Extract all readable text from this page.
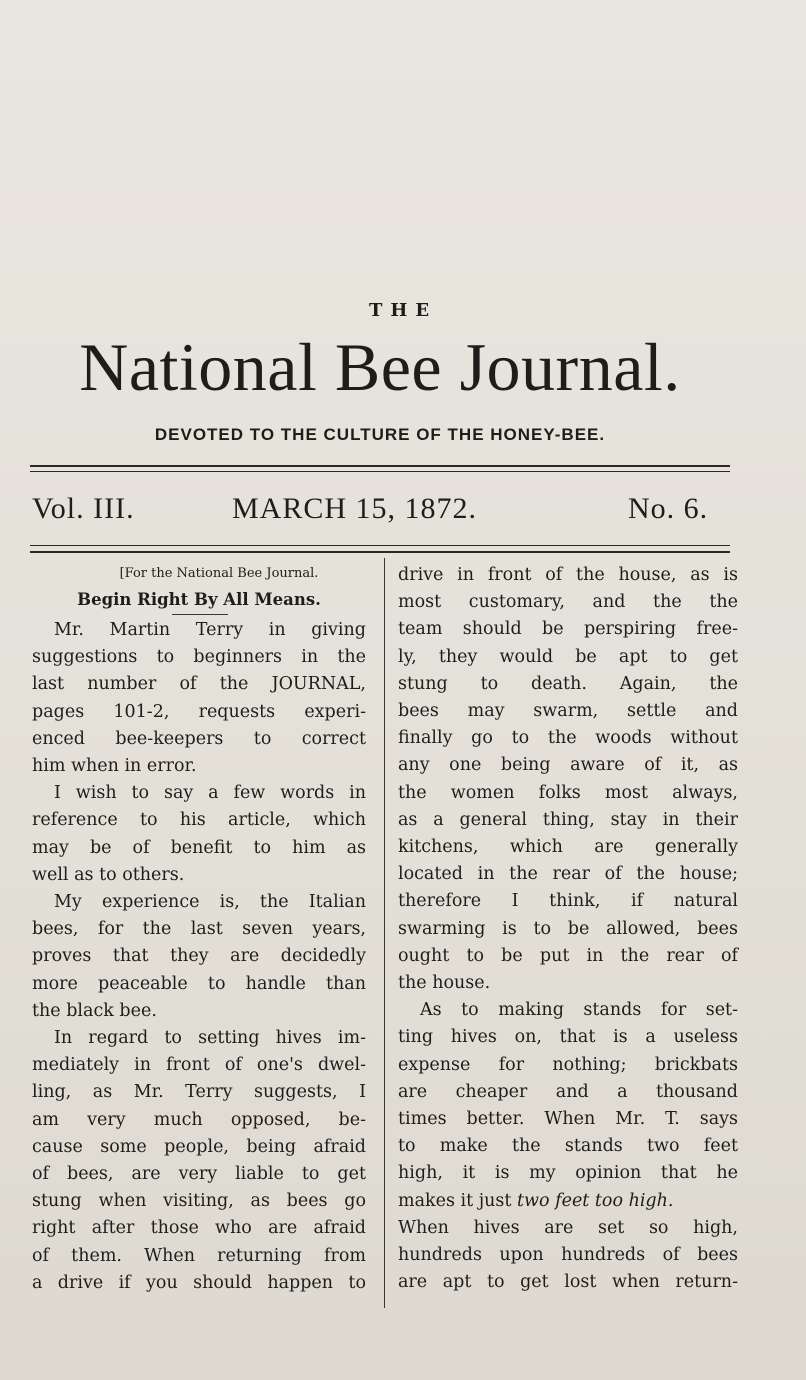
THE
National Bee Journal.
DEVOTED TO THE CULTURE OF THE HONEY-BEE.
Vol. III.	MARCH 15, 1872.	No. 6.
[For the National Bee Journal.
Begin Right By All Means.
Mr. Martin Terry in giving
suggestions to beginners in the
last number of the JOURNAL,
pages 101-2, requests experi-
enced bee-keepers to correct
him when in error.
I wish to say a few words in
reference to his article, which
may be of benefit to him as
well as to others.
My experience is, the Italian
bees, for the last seven years,
proves that they are decidedly
more peaceable to handle than
the black bee.
In regard to setting hives im-
mediately in front of one's dwel-
ling, as Mr. Terry suggests, I
am very much opposed, be-
cause some people, being afraid
of bees, are very liable to get
stung when visiting, as bees go
right after those who are afraid
of them. When returning from
a drive if you should happen to
drive in front of the house, as is
most customary, and the the
team should be perspiring free-
ly, they would be apt to get
stung to death. Again, the
bees may swarm, settle and
finally go to the woods without
any one being aware of it, as
the women folks most always,
as a general thing, stay in their
kitchens, which are generally
located in the rear of the house;
therefore I think, if natural
swarming is to be allowed, bees
ought to be put in the rear of
the house.
As to making stands for set-
ting hives on, that is a useless
expense for nothing; brickbats
are cheaper and a thousand
times better. When Mr. T. says
to make the stands two feet
high, it is my opinion that he
makes it just two feet too high.
When hives are set so high,
hundreds upon hundreds of bees
are apt to get lost when return-
